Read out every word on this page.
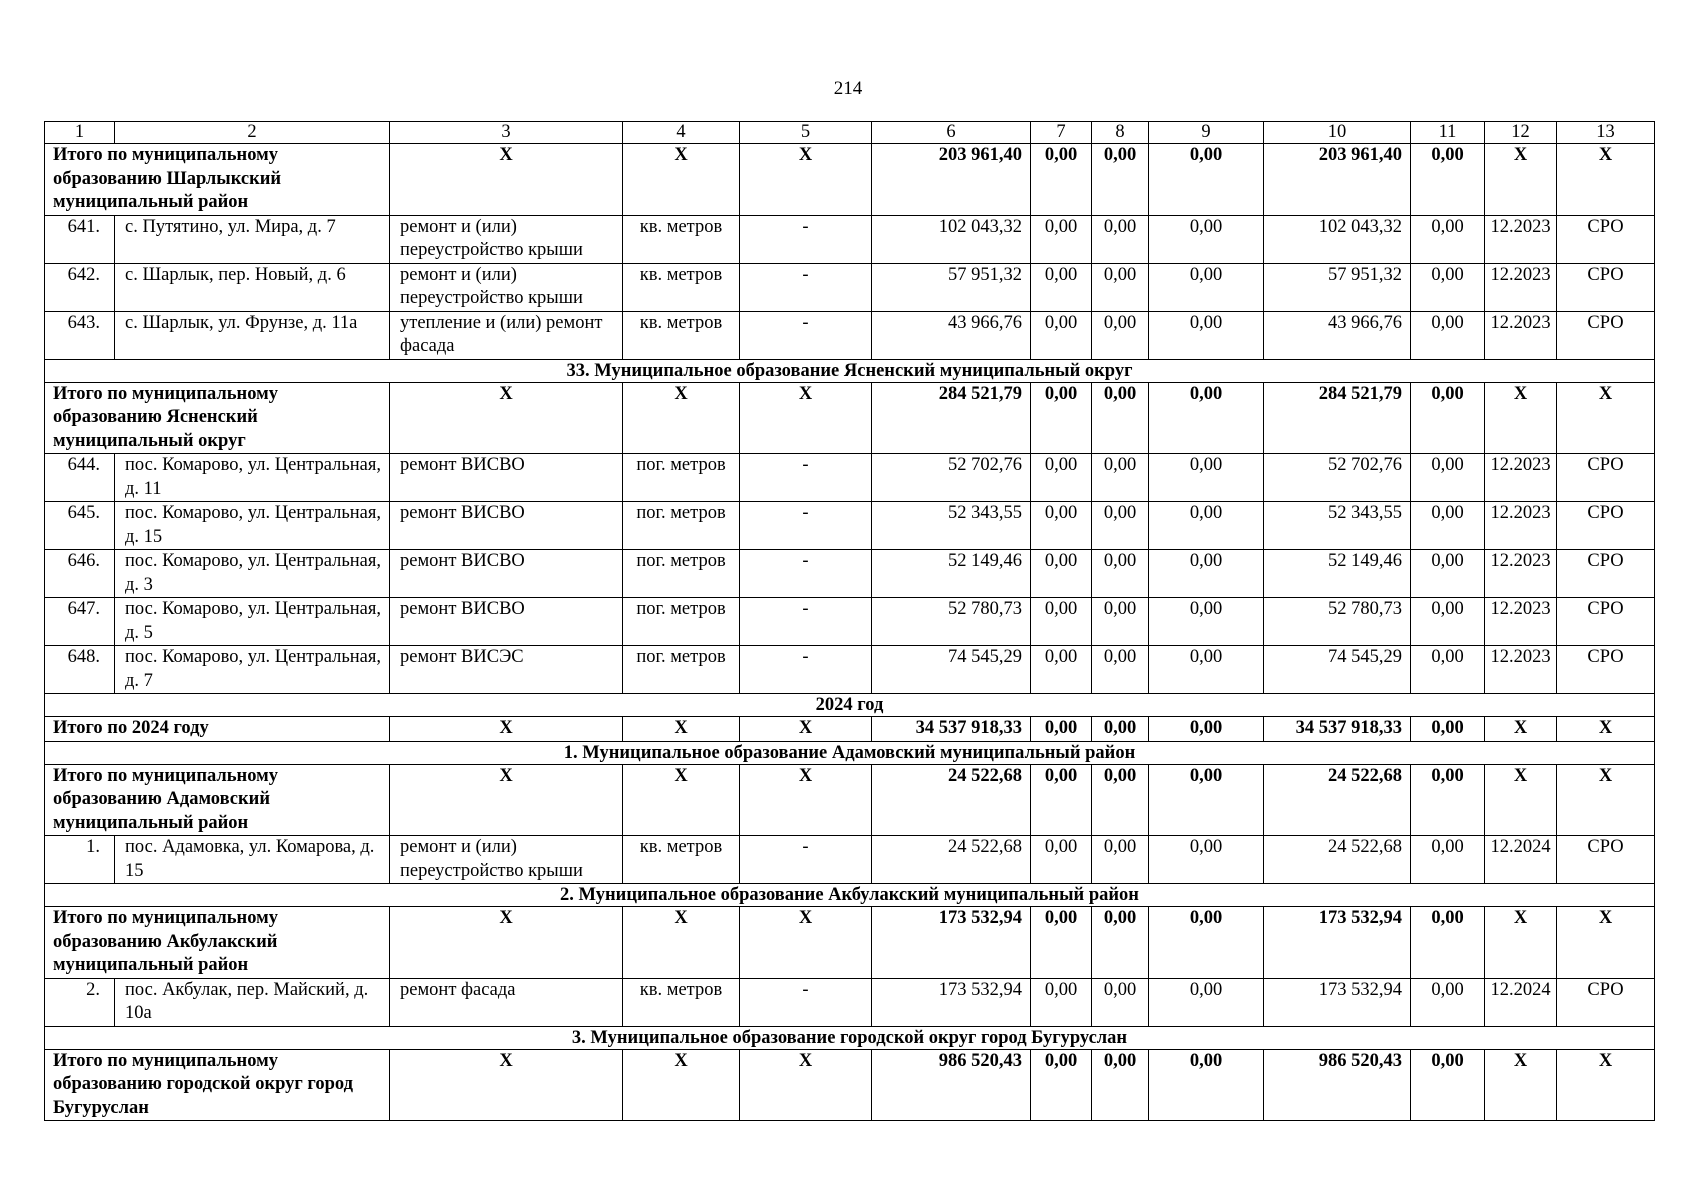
214
1	2	3	4	5	6	7	8	9	10	11	12	13
Итого по муниципальному образованию Шарлыкский муниципальный район		X	X	X	203 961,40	0,00	0,00	0,00	203 961,40	0,00	X	X
641.	с. Путятино, ул. Мира, д. 7	ремонт и (или) переустройство крыши	кв. метров	-	102 043,32	0,00	0,00	0,00	102 043,32	0,00	12.2023	СРО
642.	с. Шарлык, пер. Новый, д. 6	ремонт и (или) переустройство крыши	кв. метров	-	57 951,32	0,00	0,00	0,00	57 951,32	0,00	12.2023	СРО
643.	с. Шарлык, ул. Фрунзе, д. 11а	утепление и (или) ремонт фасада	кв. метров	-	43 966,76	0,00	0,00	0,00	43 966,76	0,00	12.2023	СРО
33. Муниципальное образование Ясненский муниципальный округ												
Итого по муниципальному образованию Ясненский муниципальный округ		X	X	X	284 521,79	0,00	0,00	0,00	284 521,79	0,00	X	X
644.	пос. Комарово, ул. Центральная, д. 11	ремонт ВИСВО	пог. метров	-	52 702,76	0,00	0,00	0,00	52 702,76	0,00	12.2023	СРО
645.	пос. Комарово, ул. Центральная, д. 15	ремонт ВИСВО	пог. метров	-	52 343,55	0,00	0,00	0,00	52 343,55	0,00	12.2023	СРО
646.	пос. Комарово, ул. Центральная, д. 3	ремонт ВИСВО	пог. метров	-	52 149,46	0,00	0,00	0,00	52 149,46	0,00	12.2023	СРО
647.	пос. Комарово, ул. Центральная, д. 5	ремонт ВИСВО	пог. метров	-	52 780,73	0,00	0,00	0,00	52 780,73	0,00	12.2023	СРО
648.	пос. Комарово, ул. Центральная, д. 7	ремонт ВИСЭС	пог. метров	-	74 545,29	0,00	0,00	0,00	74 545,29	0,00	12.2023	СРО
2024 год												
Итого по 2024 году		X	X	X	34 537 918,33	0,00	0,00	0,00	34 537 918,33	0,00	X	X
1. Муниципальное образование Адамовский муниципальный район												
Итого по муниципальному образованию Адамовский муниципальный район		X	X	X	24 522,68	0,00	0,00	0,00	24 522,68	0,00	X	X
1.	пос. Адамовка, ул. Комарова, д. 15	ремонт и (или) переустройство крыши	кв. метров	-	24 522,68	0,00	0,00	0,00	24 522,68	0,00	12.2024	СРО
2. Муниципальное образование Акбулакский муниципальный район												
Итого по муниципальному образованию Акбулакский муниципальный район		X	X	X	173 532,94	0,00	0,00	0,00	173 532,94	0,00	X	X
2.	пос. Акбулак, пер. Майский, д. 10а	ремонт фасада	кв. метров	-	173 532,94	0,00	0,00	0,00	173 532,94	0,00	12.2024	СРО
3. Муниципальное образование городской округ город Бугуруслан												
Итого по муниципальному образованию городской округ город Бугуруслан		X	X	X	986 520,43	0,00	0,00	0,00	986 520,43	0,00	X	X
